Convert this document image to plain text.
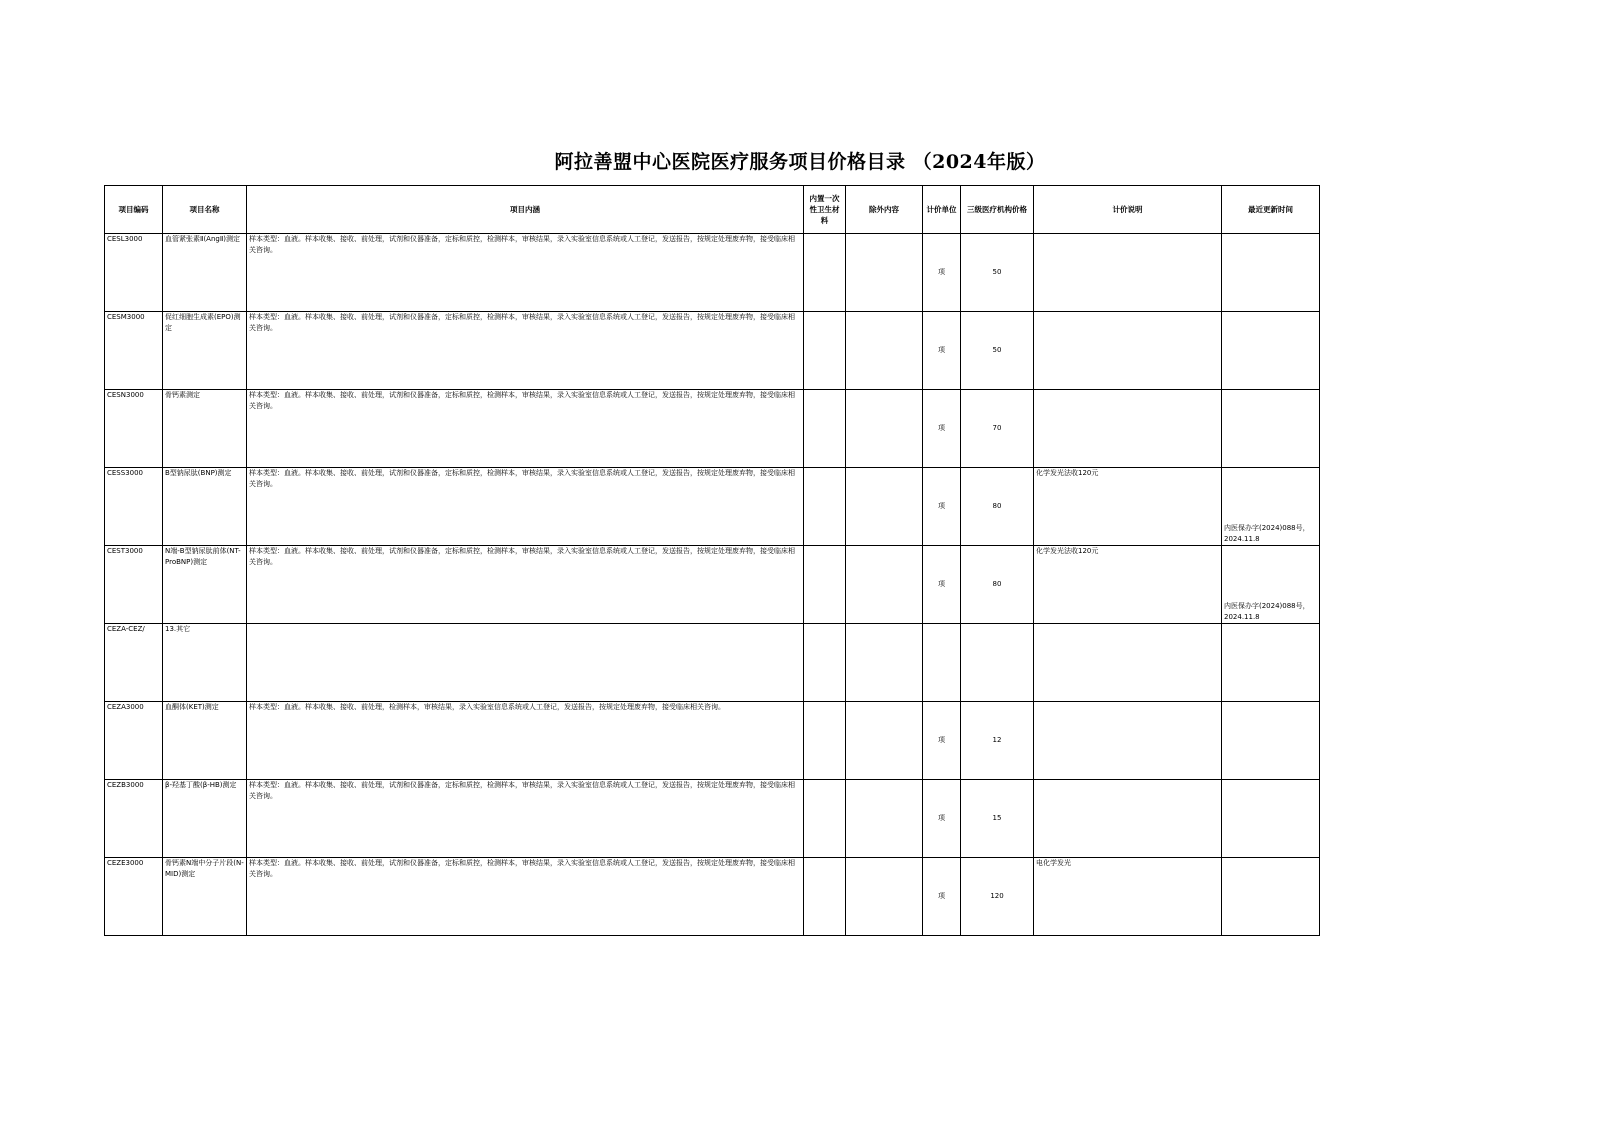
阿拉善盟中心医院医疗服务项目价格目录 （2024年版）
项目编码	项目名称	项目内涵	内置一次性卫生材料	除外内容	计价单位	三级医疗机构价格	计价说明	最近更新时间
CESL3000	血管紧张素Ⅱ(AngⅡ)测定	样本类型：血液。样本收集、接收、前处理，试剂和仪器准备，定标和质控，检测样本，审核结果，录入实验室信息系统或人工登记，发送报告，按规定处理废弃物，接受临床相关咨询。			项	50		
CESM3000	促红细胞生成素(EPO)测定	样本类型：血液。样本收集、接收、前处理，试剂和仪器准备，定标和质控，检测样本，审核结果，录入实验室信息系统或人工登记，发送报告，按规定处理废弃物，接受临床相关咨询。			项	50		
CESN3000	骨钙素测定	样本类型：血液。样本收集、接收、前处理，试剂和仪器准备，定标和质控，检测样本，审核结果，录入实验室信息系统或人工登记，发送报告，按规定处理废弃物，接受临床相关咨询。			项	70		
CESS3000	B型钠尿肽(BNP)测定	样本类型：血液。样本收集、接收、前处理，试剂和仪器准备，定标和质控，检测样本，审核结果，录入实验室信息系统或人工登记，发送报告，按规定处理废弃物，接受临床相关咨询。			项	80	化学发光法收120元	内医保办字(2024)088号，2024.11.8
CEST3000	N端-B型钠尿肽前体(NT-ProBNP)测定	样本类型：血液。样本收集、接收、前处理，试剂和仪器准备，定标和质控，检测样本，审核结果，录入实验室信息系统或人工登记，发送报告，按规定处理废弃物，接受临床相关咨询。			项	80	化学发光法收120元	内医保办字(2024)088号，2024.11.8
CEZA-CEZ/	13.其它							
CEZA3000	血酮体(KET)测定	样本类型：血液。样本收集、接收、前处理，检测样本，审核结果，录入实验室信息系统或人工登记，发送报告，按规定处理废弃物，接受临床相关咨询。			项	12		
CEZB3000	β-羟基丁酸(β-HB)测定	样本类型：血液。样本收集、接收、前处理，试剂和仪器准备，定标和质控，检测样本，审核结果，录入实验室信息系统或人工登记，发送报告，按规定处理废弃物，接受临床相关咨询。			项	15		
CEZE3000	骨钙素N端中分子片段(N-MID)测定	样本类型：血液。样本收集、接收、前处理，试剂和仪器准备，定标和质控，检测样本，审核结果，录入实验室信息系统或人工登记，发送报告，按规定处理废弃物，接受临床相关咨询。			项	120	电化学发光	
